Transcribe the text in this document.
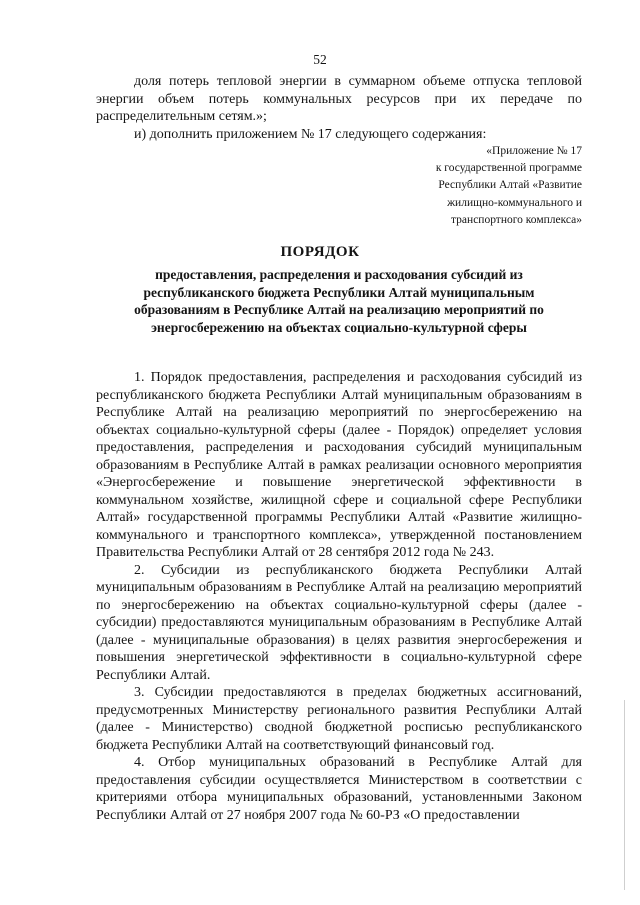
52

доля потерь тепловой энергии в суммарном объеме отпуска тепловой энергии объем потерь коммунальных ресурсов при их передаче по распределительным сетям.»;

и) дополнить приложением № 17 следующего содержания:

«Приложение № 17
к государственной программе
Республики Алтай «Развитие
жилищно-коммунального и
транспортного комплекса»
ПОРЯДОК
предоставления, распределения и расходования субсидий из
республиканского бюджета Республики Алтай муниципальным
образованиям в Республике Алтай на реализацию мероприятий по
энергосбережению на объектах социально-культурной сферы

1. Порядок предоставления, распределения и расходования субсидий из республиканского бюджета Республики Алтай муниципальным образованиям в Республике Алтай на реализацию мероприятий по энергосбережению на объектах социально-культурной сферы (далее - Порядок) определяет условия предоставления, распределения и расходования субсидий муниципальным образованиям в Республике Алтай в рамках реализации основного мероприятия «Энергосбережение и повышение энергетической эффективности в коммунальном хозяйстве, жилищной сфере и социальной сфере Республики Алтай» государственной программы Республики Алтай «Развитие жилищно-коммунального и транспортного комплекса», утвержденной постановлением Правительства Республики Алтай от 28 сентября 2012 года № 243.

2. Субсидии из республиканского бюджета Республики Алтай муниципальным образованиям в Республике Алтай на реализацию мероприятий по энергосбережению на объектах социально-культурной сферы (далее - субсидии) предоставляются муниципальным образованиям в Республике Алтай (далее - муниципальные образования) в целях развития энергосбережения и повышения энергетической эффективности в социально-культурной сфере Республики Алтай.

3. Субсидии предоставляются в пределах бюджетных ассигнований, предусмотренных Министерству регионального развития Республики Алтай (далее - Министерство) сводной бюджетной росписью республиканского бюджета Республики Алтай на соответствующий финансовый год.

4. Отбор муниципальных образований в Республике Алтай для предоставления субсидии осуществляется Министерством в соответствии с критериями отбора муниципальных образований, установленными Законом Республики Алтай от 27 ноября 2007 года № 60-РЗ «О предоставлении
